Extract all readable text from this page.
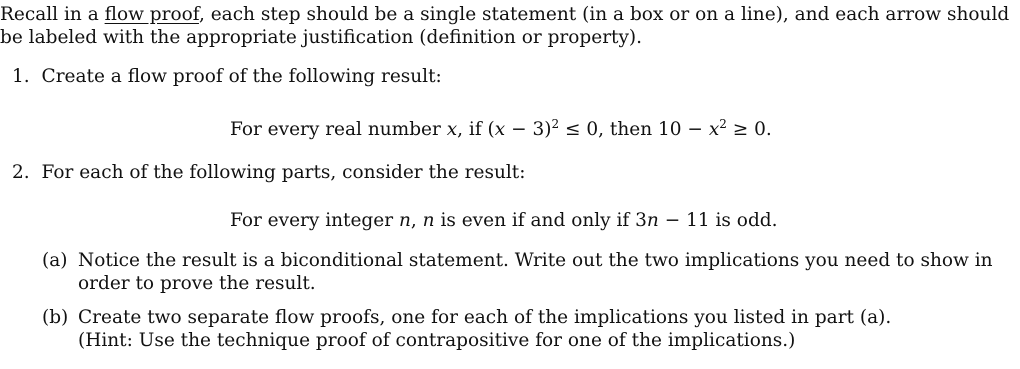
Recall in a flow proof, each step should be a single statement (in a box or on a line), and each arrow should
be labeled with the appropriate justification (definition or property).
1. Create a flow proof of the following result:
For every real number x, if $(x - 3)^2 \le 0$, then $10 - x^2 \ge 0$.
2. For each of the following parts, consider the result:
For every integer n, n is even if and only if 3n − 11 is odd.
(a) Notice the result is a biconditional statement. Write out the two implications you need to show in
order to prove the result.
(b) Create two separate flow proofs, one for each of the implications you listed in part (a).
(Hint: Use the technique proof of contrapositive for one of the implications.)
